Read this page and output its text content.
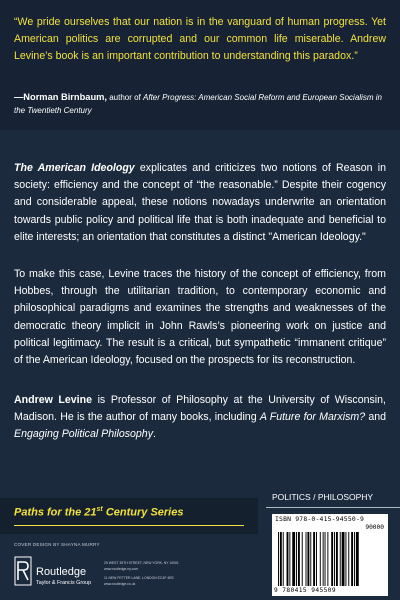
“We pride ourselves that our nation is in the vanguard of human progress. Yet American politics are corrupted and our common life miserable. Andrew Levine’s book is an important contribution to understanding this paradox.”
—Norman Birnbaum, author of After Progress: American Social Reform and European Socialism in the Twentieth Century
The American Ideology explicates and criticizes two notions of Reason in society: efficiency and the concept of “the reasonable.” Despite their cogency and considerable appeal, these notions nowadays underwrite an orientation towards public policy and political life that is both inadequate and beneficial to elite interests; an orientation that constitutes a distinct "American Ideology."
To make this case, Levine traces the history of the concept of efficiency, from Hobbes, through the utilitarian tradition, to contemporary economic and philosophical paradigms and examines the strengths and weaknesses of the democratic theory implicit in John Rawls’s pioneering work on justice and political legitimacy. The result is a critical, but sympathetic “immanent critique” of the American Ideology, focused on the prospects for its reconstruction.
Andrew Levine is Professor of Philosophy at the University of Wisconsin, Madison. He is the author of many books, including A Future for Marxism? and Engaging Political Philosophy.
Paths for the 21st Century Series
COVER DESIGN BY SHAYNA MURRY
Routledge
Taylor & Francis Group
29 WEST 35TH STREET, NEW YORK, NY 10001
www.routledge-ny.com
11 NEW FETTER LANE, LONDON EC4P 4EE
www.routledge.co.uk
POLITICS / PHILOSOPHY
ISBN 978-0-415-94550-9
90000
9 780415 945509
